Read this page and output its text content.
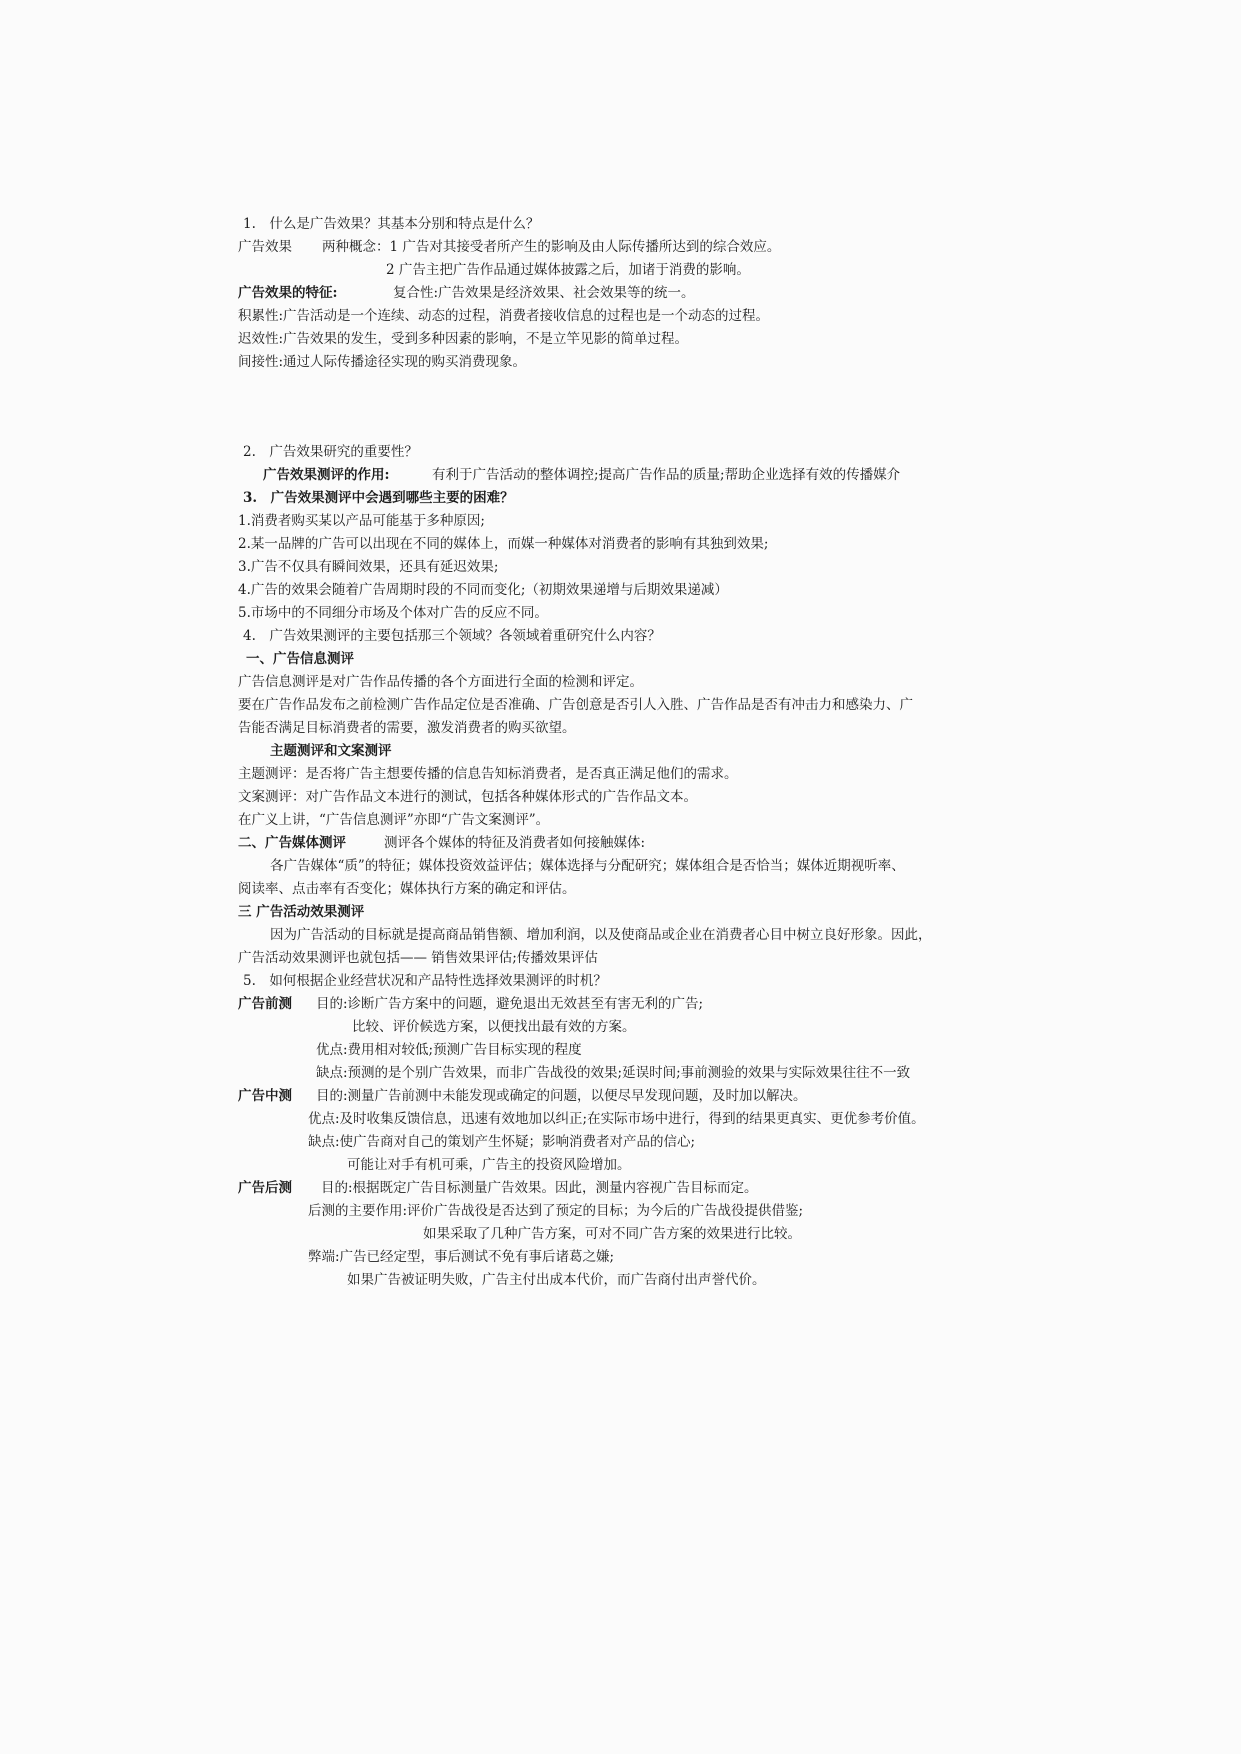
1.　什么是广告效果？其基本分别和特点是什么？
广告效果 两种概念：1 广告对其接受者所产生的影响及由人际传播所达到的综合效应。
2 广告主把广告作品通过媒体披露之后，加诸于消费的影响。
广告效果的特征:	复合性:广告效果是经济效果、社会效果等的统一。
积累性:广告活动是一个连续、动态的过程，消费者接收信息的过程也是一个动态的过程。
迟效性:广告效果的发生，受到多种因素的影响，不是立竿见影的简单过程。
间接性:通过人际传播途径实现的购买消费现象。
2.　广告效果研究的重要性？
广告效果测评的作用:	有利于广告活动的整体调控;提高广告作品的质量;帮助企业选择有效的传播媒介
3.　广告效果测评中会遇到哪些主要的困难？
1.消费者购买某以产品可能基于多种原因;
2.某一品牌的广告可以出现在不同的媒体上，而媒一种媒体对消费者的影响有其独到效果;
3.广告不仅具有瞬间效果，还具有延迟效果;
4.广告的效果会随着广告周期时段的不同而变化;（初期效果递增与后期效果递减）
5.市场中的不同细分市场及个体对广告的反应不同。
4.　广告效果测评的主要包括那三个领域？各领域着重研究什么内容？
一、广告信息测评
广告信息测评是对广告作品传播的各个方面进行全面的检测和评定。
要在广告作品发布之前检测广告作品定位是否准确、广告创意是否引人入胜、广告作品是否有冲击力和感染力、广
告能否满足目标消费者的需要，激发消费者的购买欲望。
主题测评和文案测评
主题测评：是否将广告主想要传播的信息告知标消费者，是否真正满足他们的需求。
文案测评：对广告作品文本进行的测试，包括各种媒体形式的广告作品文本。
在广义上讲，“广告信息测评”亦即“广告文案测评”。
二、广告媒体测评	测评各个媒体的特征及消费者如何接触媒体:
各广告媒体“质”的特征；媒体投资效益评估；媒体选择与分配研究；媒体组合是否恰当；媒体近期视听率、
阅读率、点击率有否变化；媒体执行方案的确定和评估。
三 广告活动效果测评
因为广告活动的目标就是提高商品销售额、增加利润，以及使商品或企业在消费者心目中树立良好形象。因此，
广告活动效果测评也就包括—— 销售效果评估;传播效果评估
5.　如何根据企业经营状况和产品特性选择效果测评的时机？
广告前测 目的:诊断广告方案中的问题，避免退出无效甚至有害无利的广告;
比较、评价候选方案，以便找出最有效的方案。
优点:费用相对较低;预测广告目标实现的程度
缺点:预测的是个别广告效果，而非广告战役的效果;延误时间;事前测验的效果与实际效果往往不一致
广告中测 目的:测量广告前测中未能发现或确定的问题，以便尽早发现问题，及时加以解决。
优点:及时收集反馈信息，迅速有效地加以纠正;在实际市场中进行，得到的结果更真实、更优参考价值。
缺点:使广告商对自己的策划产生怀疑；影响消费者对产品的信心;
可能让对手有机可乘，广告主的投资风险增加。
广告后测 目的:根据既定广告目标测量广告效果。因此，测量内容视广告目标而定。
后测的主要作用:评价广告战役是否达到了预定的目标；为今后的广告战役提供借鉴;
如果采取了几种广告方案，可对不同广告方案的效果进行比较。
弊端:广告已经定型，事后测试不免有事后诸葛之嫌;
如果广告被证明失败，广告主付出成本代价，而广告商付出声誉代价。
